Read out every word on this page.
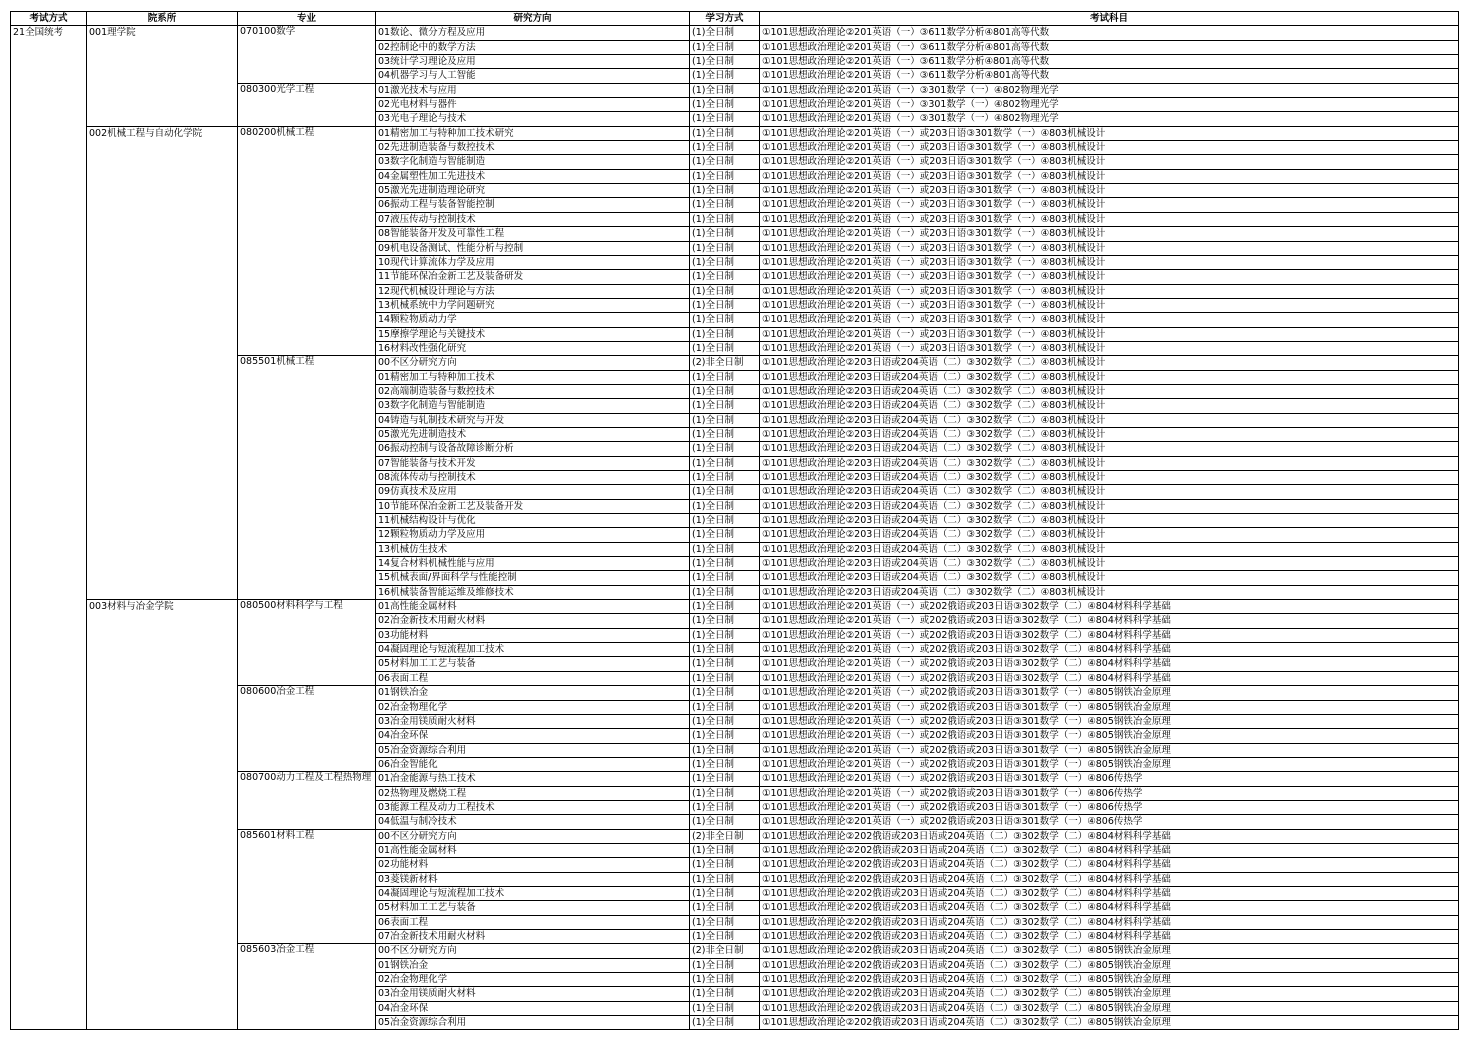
考试方式	院系所	专业	研究方向	学习方式	考试科目
21全国统考	001理学院	070100数学	01数论、微分方程及应用	(1)全日制	①101思想政治理论②201英语（一）③611数学分析④801高等代数
			02控制论中的数学方法	(1)全日制	①101思想政治理论②201英语（一）③611数学分析④801高等代数
			03统计学习理论及应用	(1)全日制	①101思想政治理论②201英语（一）③611数学分析④801高等代数
			04机器学习与人工智能	(1)全日制	①101思想政治理论②201英语（一）③611数学分析④801高等代数
		080300光学工程	01激光技术与应用	(1)全日制	①101思想政治理论②201英语（一）③301数学（一）④802物理光学
			02光电材料与器件	(1)全日制	①101思想政治理论②201英语（一）③301数学（一）④802物理光学
			03光电子理论与技术	(1)全日制	①101思想政治理论②201英语（一）③301数学（一）④802物理光学
	002机械工程与自动化学院	080200机械工程	01精密加工与特种加工技术研究	(1)全日制	①101思想政治理论②201英语（一）或203日语③301数学（一）④803机械设计
			02先进制造装备与数控技术	(1)全日制	①101思想政治理论②201英语（一）或203日语③301数学（一）④803机械设计
			03数字化制造与智能制造	(1)全日制	①101思想政治理论②201英语（一）或203日语③301数学（一）④803机械设计
			04金属塑性加工先进技术	(1)全日制	①101思想政治理论②201英语（一）或203日语③301数学（一）④803机械设计
			05激光先进制造理论研究	(1)全日制	①101思想政治理论②201英语（一）或203日语③301数学（一）④803机械设计
			06振动工程与装备智能控制	(1)全日制	①101思想政治理论②201英语（一）或203日语③301数学（一）④803机械设计
			07液压传动与控制技术	(1)全日制	①101思想政治理论②201英语（一）或203日语③301数学（一）④803机械设计
			08智能装备开发及可靠性工程	(1)全日制	①101思想政治理论②201英语（一）或203日语③301数学（一）④803机械设计
			09机电设备测试、性能分析与控制	(1)全日制	①101思想政治理论②201英语（一）或203日语③301数学（一）④803机械设计
			10现代计算流体力学及应用	(1)全日制	①101思想政治理论②201英语（一）或203日语③301数学（一）④803机械设计
			11节能环保冶金新工艺及装备研发	(1)全日制	①101思想政治理论②201英语（一）或203日语③301数学（一）④803机械设计
			12现代机械设计理论与方法	(1)全日制	①101思想政治理论②201英语（一）或203日语③301数学（一）④803机械设计
			13机械系统中力学问题研究	(1)全日制	①101思想政治理论②201英语（一）或203日语③301数学（一）④803机械设计
			14颗粒物质动力学	(1)全日制	①101思想政治理论②201英语（一）或203日语③301数学（一）④803机械设计
			15摩擦学理论与关键技术	(1)全日制	①101思想政治理论②201英语（一）或203日语③301数学（一）④803机械设计
			16材料改性强化研究	(1)全日制	①101思想政治理论②201英语（一）或203日语③301数学（一）④803机械设计
		085501机械工程	00不区分研究方向	(2)非全日制	①101思想政治理论②203日语或204英语（二）③302数学（二）④803机械设计
			01精密加工与特种加工技术	(1)全日制	①101思想政治理论②203日语或204英语（二）③302数学（二）④803机械设计
			02高端制造装备与数控技术	(1)全日制	①101思想政治理论②203日语或204英语（二）③302数学（二）④803机械设计
			03数字化制造与智能制造	(1)全日制	①101思想政治理论②203日语或204英语（二）③302数学（二）④803机械设计
			04铸造与轧制技术研究与开发	(1)全日制	①101思想政治理论②203日语或204英语（二）③302数学（二）④803机械设计
			05激光先进制造技术	(1)全日制	①101思想政治理论②203日语或204英语（二）③302数学（二）④803机械设计
			06振动控制与设备故障诊断分析	(1)全日制	①101思想政治理论②203日语或204英语（二）③302数学（二）④803机械设计
			07智能装备与技术开发	(1)全日制	①101思想政治理论②203日语或204英语（二）③302数学（二）④803机械设计
			08流体传动与控制技术	(1)全日制	①101思想政治理论②203日语或204英语（二）③302数学（二）④803机械设计
			09仿真技术及应用	(1)全日制	①101思想政治理论②203日语或204英语（二）③302数学（二）④803机械设计
			10节能环保冶金新工艺及装备开发	(1)全日制	①101思想政治理论②203日语或204英语（二）③302数学（二）④803机械设计
			11机械结构设计与优化	(1)全日制	①101思想政治理论②203日语或204英语（二）③302数学（二）④803机械设计
			12颗粒物质动力学及应用	(1)全日制	①101思想政治理论②203日语或204英语（二）③302数学（二）④803机械设计
			13机械仿生技术	(1)全日制	①101思想政治理论②203日语或204英语（二）③302数学（二）④803机械设计
			14复合材料机械性能与应用	(1)全日制	①101思想政治理论②203日语或204英语（二）③302数学（二）④803机械设计
			15机械表面/界面科学与性能控制	(1)全日制	①101思想政治理论②203日语或204英语（二）③302数学（二）④803机械设计
			16机械装备智能运维及维修技术	(1)全日制	①101思想政治理论②203日语或204英语（二）③302数学（二）④803机械设计
	003材料与冶金学院	080500材料科学与工程	01高性能金属材料	(1)全日制	①101思想政治理论②201英语（一）或202俄语或203日语③302数学（二）④804材料科学基础
			02冶金新技术用耐火材料	(1)全日制	①101思想政治理论②201英语（一）或202俄语或203日语③302数学（二）④804材料科学基础
			03功能材料	(1)全日制	①101思想政治理论②201英语（一）或202俄语或203日语③302数学（二）④804材料科学基础
			04凝固理论与短流程加工技术	(1)全日制	①101思想政治理论②201英语（一）或202俄语或203日语③302数学（二）④804材料科学基础
			05材料加工工艺与装备	(1)全日制	①101思想政治理论②201英语（一）或202俄语或203日语③302数学（二）④804材料科学基础
			06表面工程	(1)全日制	①101思想政治理论②201英语（一）或202俄语或203日语③302数学（二）④804材料科学基础
		080600冶金工程	01钢铁冶金	(1)全日制	①101思想政治理论②201英语（一）或202俄语或203日语③301数学（一）④805钢铁冶金原理
			02冶金物理化学	(1)全日制	①101思想政治理论②201英语（一）或202俄语或203日语③301数学（一）④805钢铁冶金原理
			03冶金用镁质耐火材料	(1)全日制	①101思想政治理论②201英语（一）或202俄语或203日语③301数学（一）④805钢铁冶金原理
			04冶金环保	(1)全日制	①101思想政治理论②201英语（一）或202俄语或203日语③301数学（一）④805钢铁冶金原理
			05冶金资源综合利用	(1)全日制	①101思想政治理论②201英语（一）或202俄语或203日语③301数学（一）④805钢铁冶金原理
			06冶金智能化	(1)全日制	①101思想政治理论②201英语（一）或202俄语或203日语③301数学（一）④805钢铁冶金原理
		080700动力工程及工程热物理	01冶金能源与热工技术	(1)全日制	①101思想政治理论②201英语（一）或202俄语或203日语③301数学（一）④806传热学
			02热物理及燃烧工程	(1)全日制	①101思想政治理论②201英语（一）或202俄语或203日语③301数学（一）④806传热学
			03能源工程及动力工程技术	(1)全日制	①101思想政治理论②201英语（一）或202俄语或203日语③301数学（一）④806传热学
			04低温与制冷技术	(1)全日制	①101思想政治理论②201英语（一）或202俄语或203日语③301数学（一）④806传热学
		085601材料工程	00不区分研究方向	(2)非全日制	①101思想政治理论②202俄语或203日语或204英语（二）③302数学（二）④804材料科学基础
			01高性能金属材料	(1)全日制	①101思想政治理论②202俄语或203日语或204英语（二）③302数学（二）④804材料科学基础
			02功能材料	(1)全日制	①101思想政治理论②202俄语或203日语或204英语（二）③302数学（二）④804材料科学基础
			03菱镁新材料	(1)全日制	①101思想政治理论②202俄语或203日语或204英语（二）③302数学（二）④804材料科学基础
			04凝固理论与短流程加工技术	(1)全日制	①101思想政治理论②202俄语或203日语或204英语（二）③302数学（二）④804材料科学基础
			05材料加工工艺与装备	(1)全日制	①101思想政治理论②202俄语或203日语或204英语（二）③302数学（二）④804材料科学基础
			06表面工程	(1)全日制	①101思想政治理论②202俄语或203日语或204英语（二）③302数学（二）④804材料科学基础
			07冶金新技术用耐火材料	(1)全日制	①101思想政治理论②202俄语或203日语或204英语（二）③302数学（二）④804材料科学基础
		085603冶金工程	00不区分研究方向	(2)非全日制	①101思想政治理论②202俄语或203日语或204英语（二）③302数学（二）④805钢铁冶金原理
			01钢铁冶金	(1)全日制	①101思想政治理论②202俄语或203日语或204英语（二）③302数学（二）④805钢铁冶金原理
			02冶金物理化学	(1)全日制	①101思想政治理论②202俄语或203日语或204英语（二）③302数学（二）④805钢铁冶金原理
			03冶金用镁质耐火材料	(1)全日制	①101思想政治理论②202俄语或203日语或204英语（二）③302数学（二）④805钢铁冶金原理
			04冶金环保	(1)全日制	①101思想政治理论②202俄语或203日语或204英语（二）③302数学（二）④805钢铁冶金原理
			05冶金资源综合利用	(1)全日制	①101思想政治理论②202俄语或203日语或204英语（二）③302数学（二）④805钢铁冶金原理
